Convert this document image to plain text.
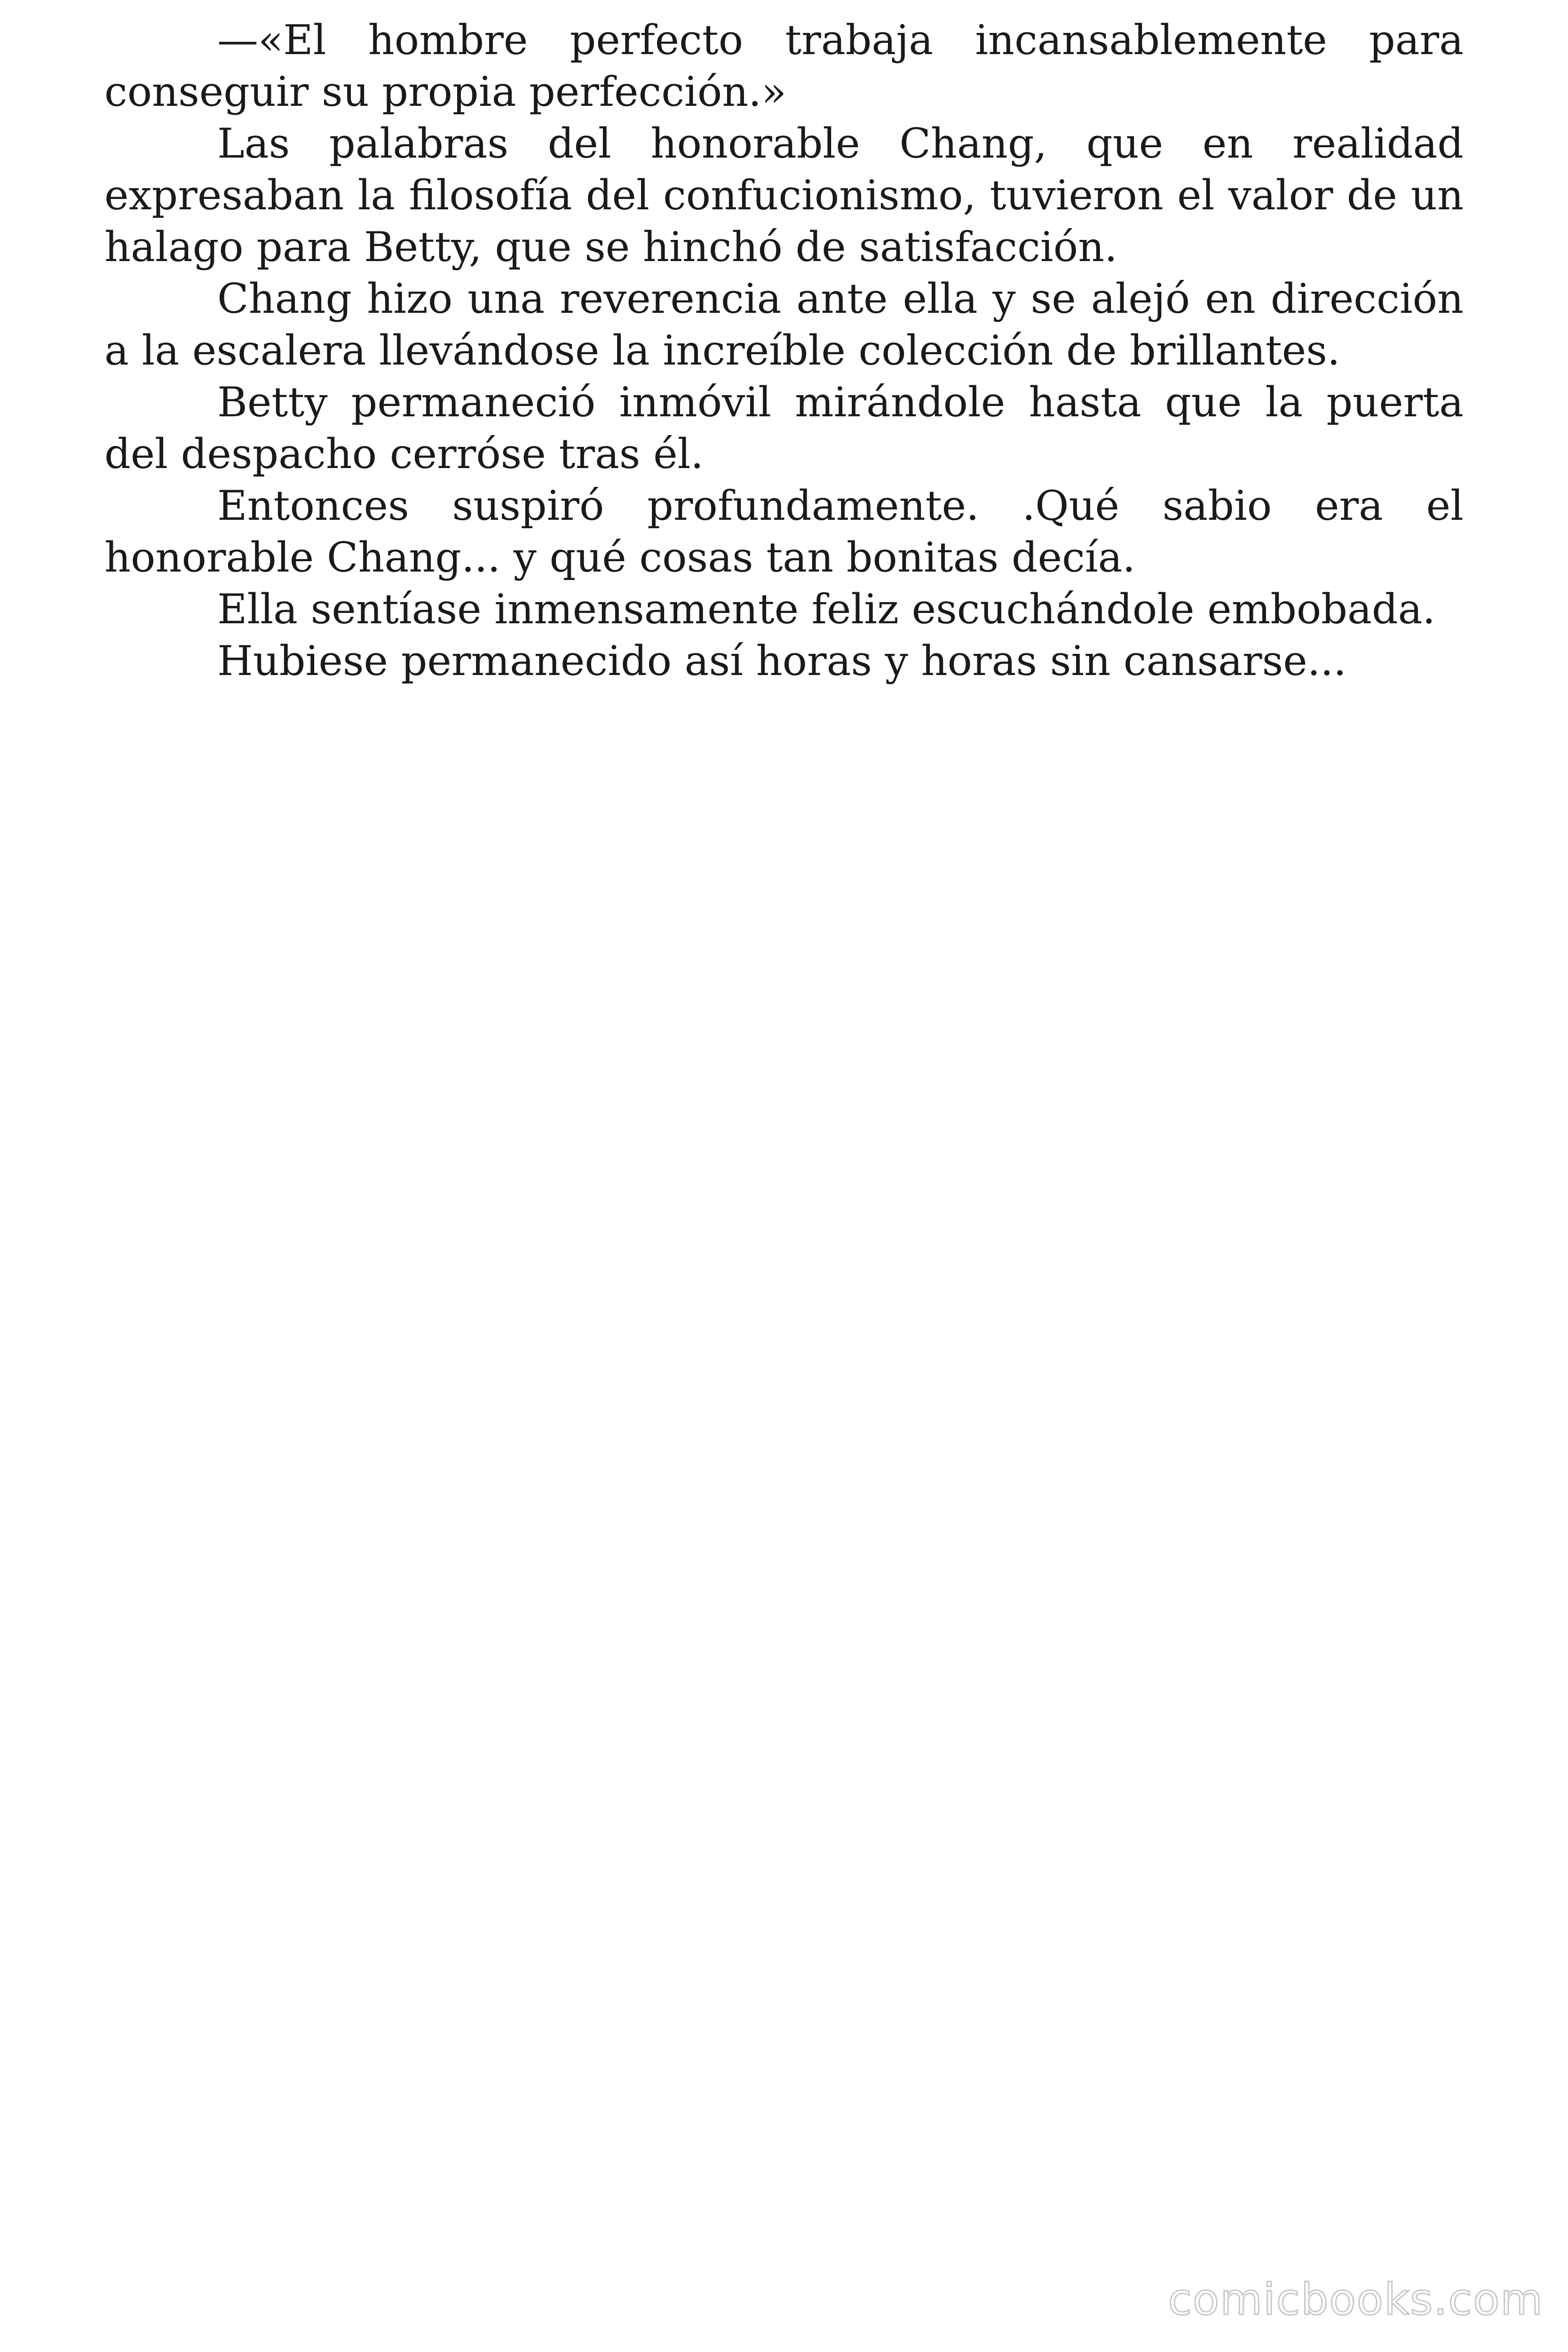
—«El hombre perfecto trabaja incansablemente para conseguir su propia perfección.»

Las palabras del honorable Chang, que en realidad expresaban la filosofía del confucionismo, tuvieron el valor de un halago para Betty, que se hinchó de satisfacción.

Chang hizo una reverencia ante ella y se alejó en dirección a la escalera llevándose la increíble colección de brillantes.

Betty permaneció inmóvil mirándole hasta que la puerta del despacho cerróse tras él.

Entonces suspiró profundamente. .Qué sabio era el honorable Chang... y qué cosas tan bonitas decía.

Ella sentíase inmensamente feliz escuchándole embobada.

Hubiese permanecido así horas y horas sin cansarse...

comicbooks.com
